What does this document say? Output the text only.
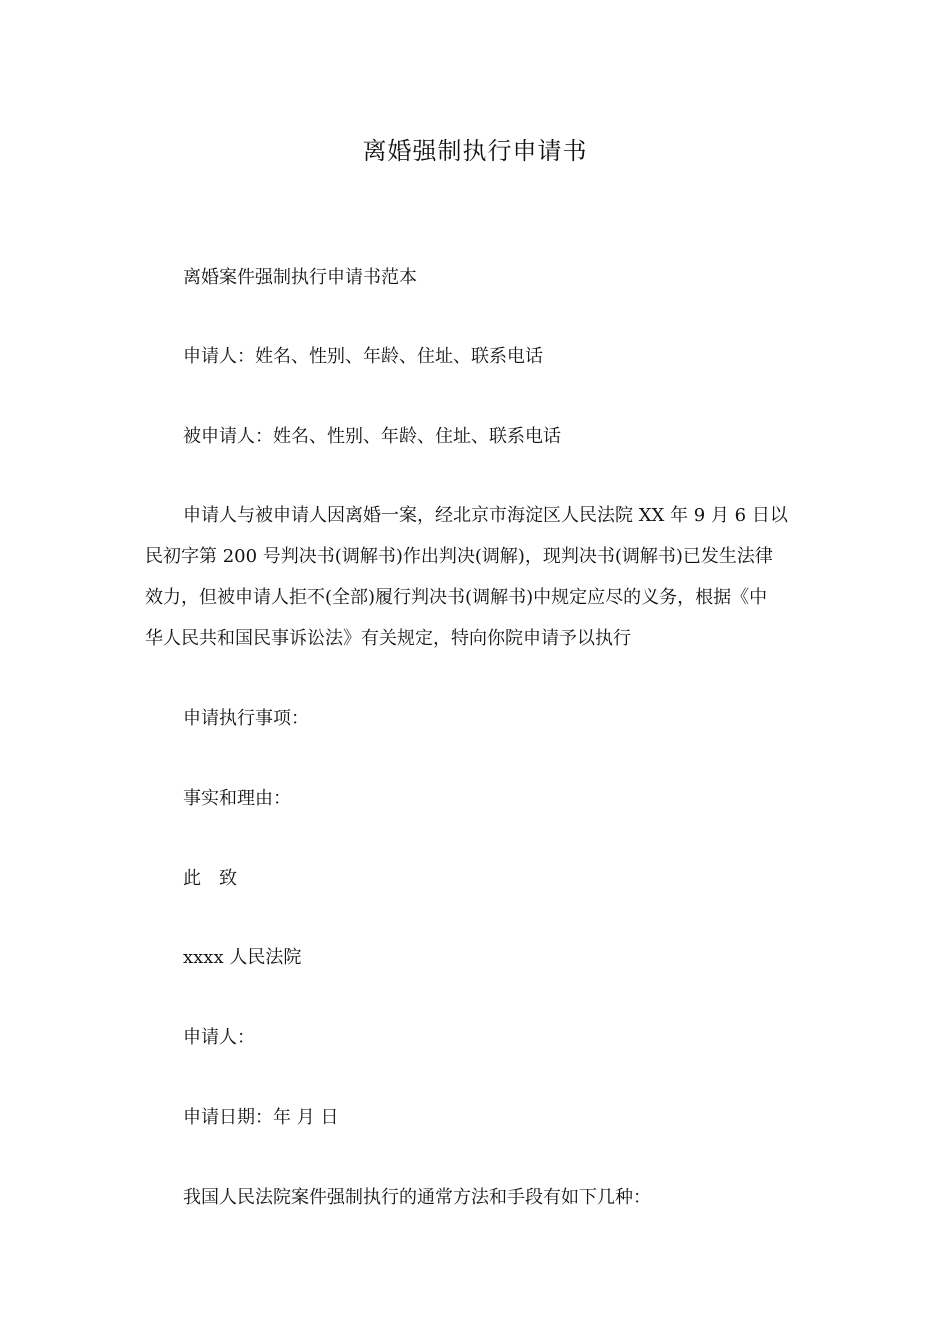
离婚强制执行申请书

离婚案件强制执行申请书范本

申请人：姓名、性别、年龄、住址、联系电话

被申请人：姓名、性别、年龄、住址、联系电话

申请人与被申请人因离婚一案，经北京市海淀区人民法院 XX 年 9 月 6 日以
民初字第 200 号判决书(调解书)作出判决(调解)，现判决书(调解书)已发生法律
效力，但被申请人拒不(全部)履行判决书(调解书)中规定应尽的义务，根据《中
华人民共和国民事诉讼法》有关规定，特向你院申请予以执行

申请执行事项：

事实和理由：

此　致

xxxx 人民法院

申请人：

申请日期：年 月 日

我国人民法院案件强制执行的通常方法和手段有如下几种：
